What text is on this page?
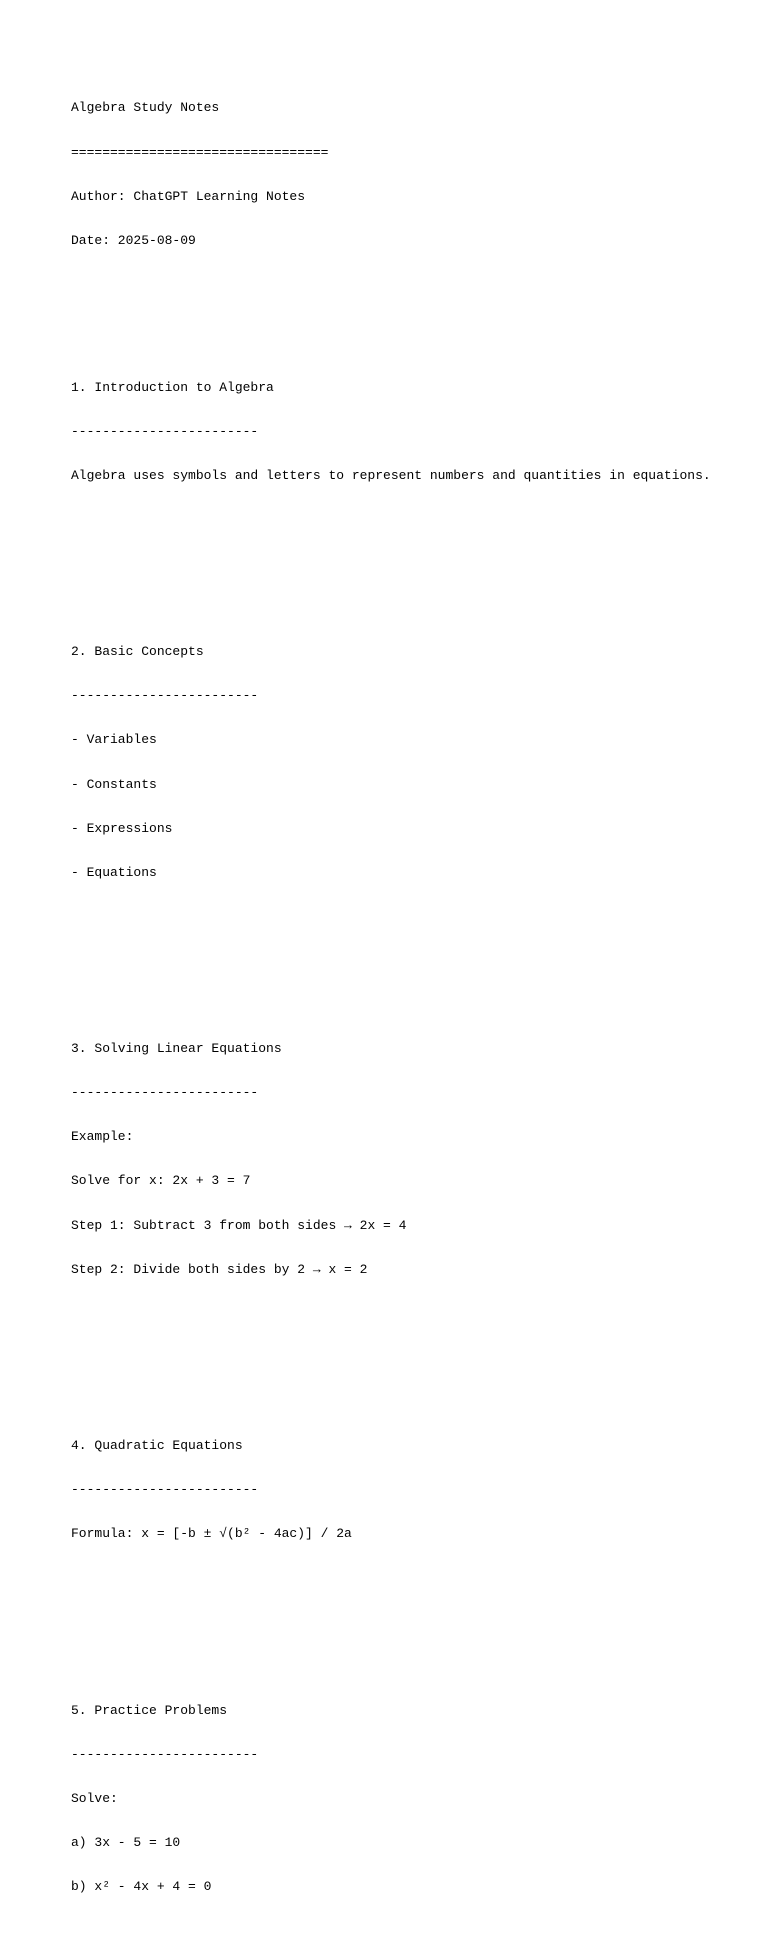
Algebra Study Notes

=================================

Author: ChatGPT Learning Notes

Date: 2025-08-09

1. Introduction to Algebra

------------------------

Algebra uses symbols and letters to represent numbers and quantities in equations.

2. Basic Concepts

------------------------

- Variables

- Constants

- Expressions

- Equations

3. Solving Linear Equations

------------------------

Example:

Solve for x: 2x + 3 = 7

Step 1: Subtract 3 from both sides → 2x = 4

Step 2: Divide both sides by 2 → x = 2

4. Quadratic Equations

------------------------

Formula: x = [-b ± √(b² - 4ac)] / 2a

5. Practice Problems

------------------------

Solve:

a) 3x - 5 = 10

b) x² - 4x + 4 = 0
